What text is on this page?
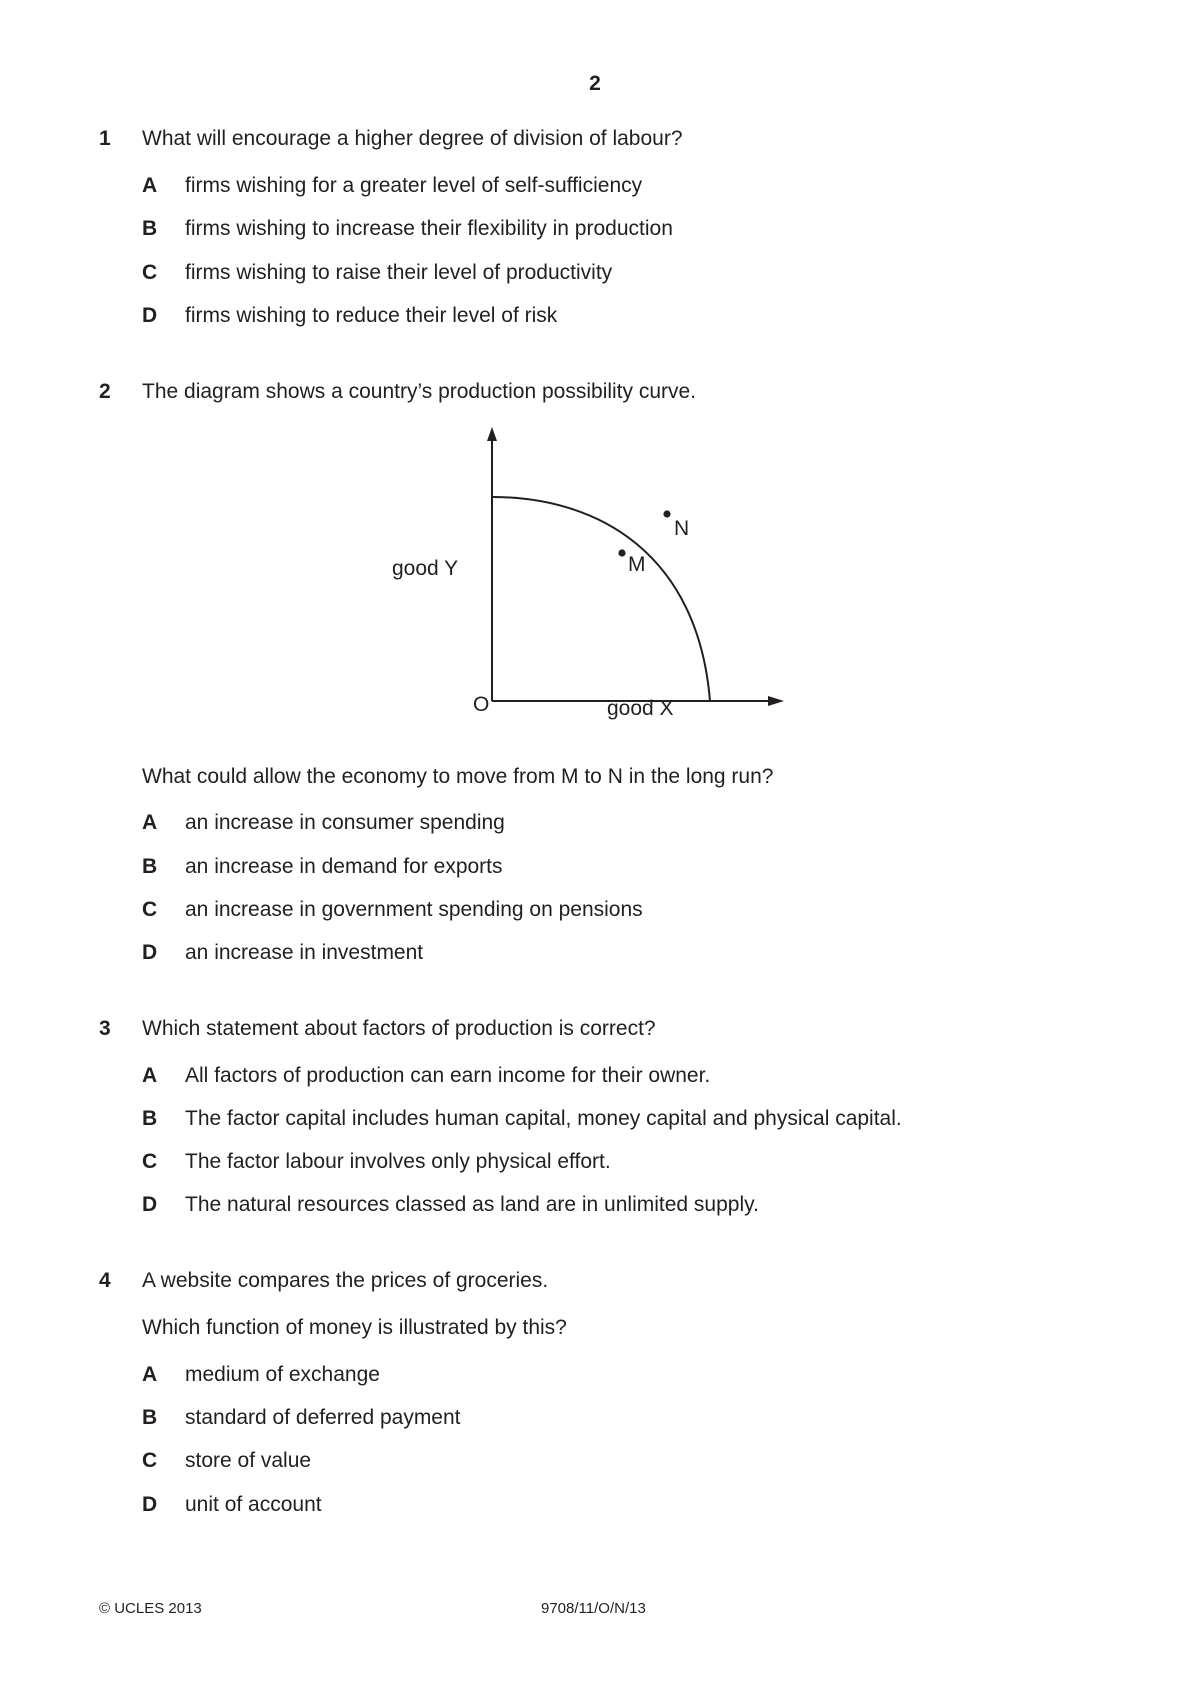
2
1 What will encourage a higher degree of division of labour?
A firms wishing for a greater level of self-sufficiency
B firms wishing to increase their flexibility in production
C firms wishing to raise their level of productivity
D firms wishing to reduce their level of risk
2 The diagram shows a country’s production possibility curve.
good Y
good X
O
M
N
What could allow the economy to move from M to N in the long run?
A an increase in consumer spending
B an increase in demand for exports
C an increase in government spending on pensions
D an increase in investment
3 Which statement about factors of production is correct?
A All factors of production can earn income for their owner.
B The factor capital includes human capital, money capital and physical capital.
C The factor labour involves only physical effort.
D The natural resources classed as land are in unlimited supply.
4 A website compares the prices of groceries.
Which function of money is illustrated by this?
A medium of exchange
B standard of deferred payment
C store of value
D unit of account
© UCLES 2013	9708/11/O/N/13
